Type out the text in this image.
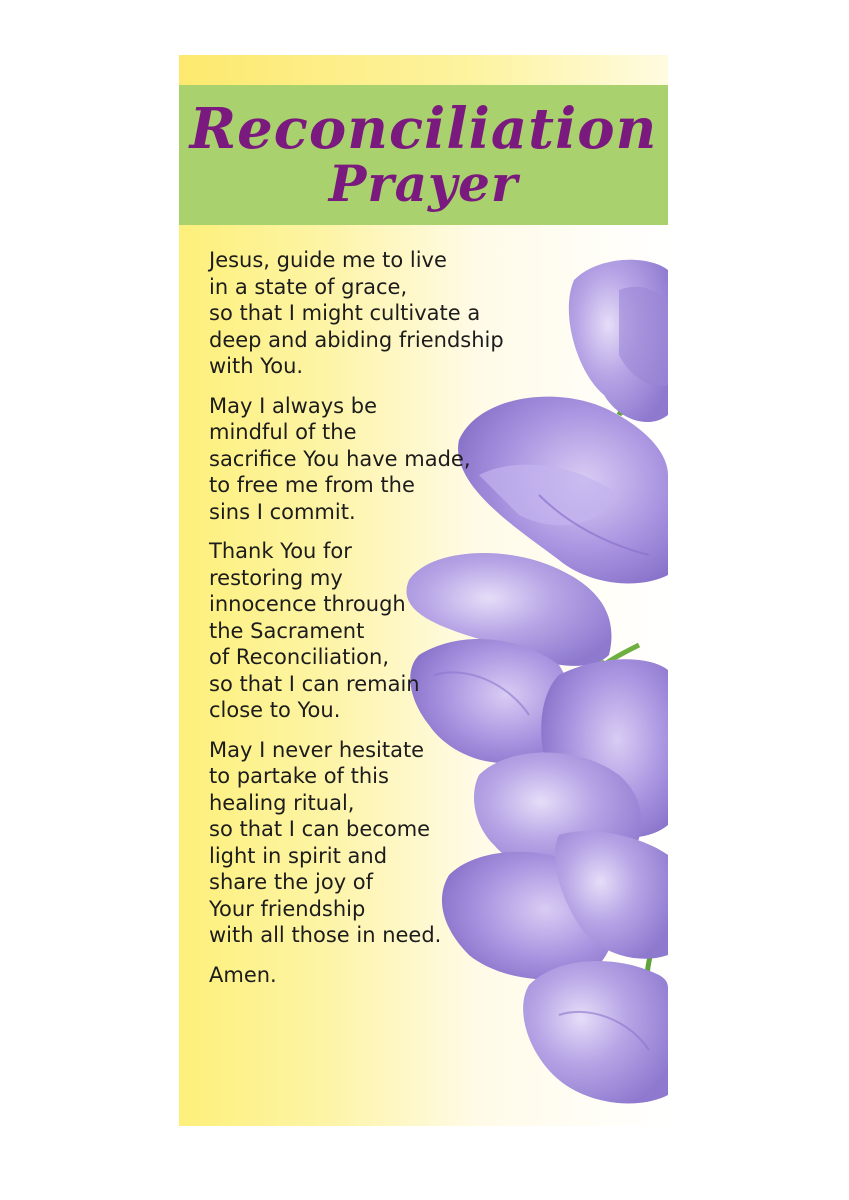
Reconciliation
Prayer
Jesus, guide me to live
in a state of grace,
so that I might cultivate a
deep and abiding friendship
with You.
May I always be
mindful of the
sacrifice You have made,
to free me from the
sins I commit.
Thank You for
restoring my
innocence through
the Sacrament
of Reconciliation,
so that I can remain
close to You.
May I never hesitate
to partake of this
healing ritual,
so that I can become
light in spirit and
share the joy of
Your friendship
with all those in need.
Amen.
